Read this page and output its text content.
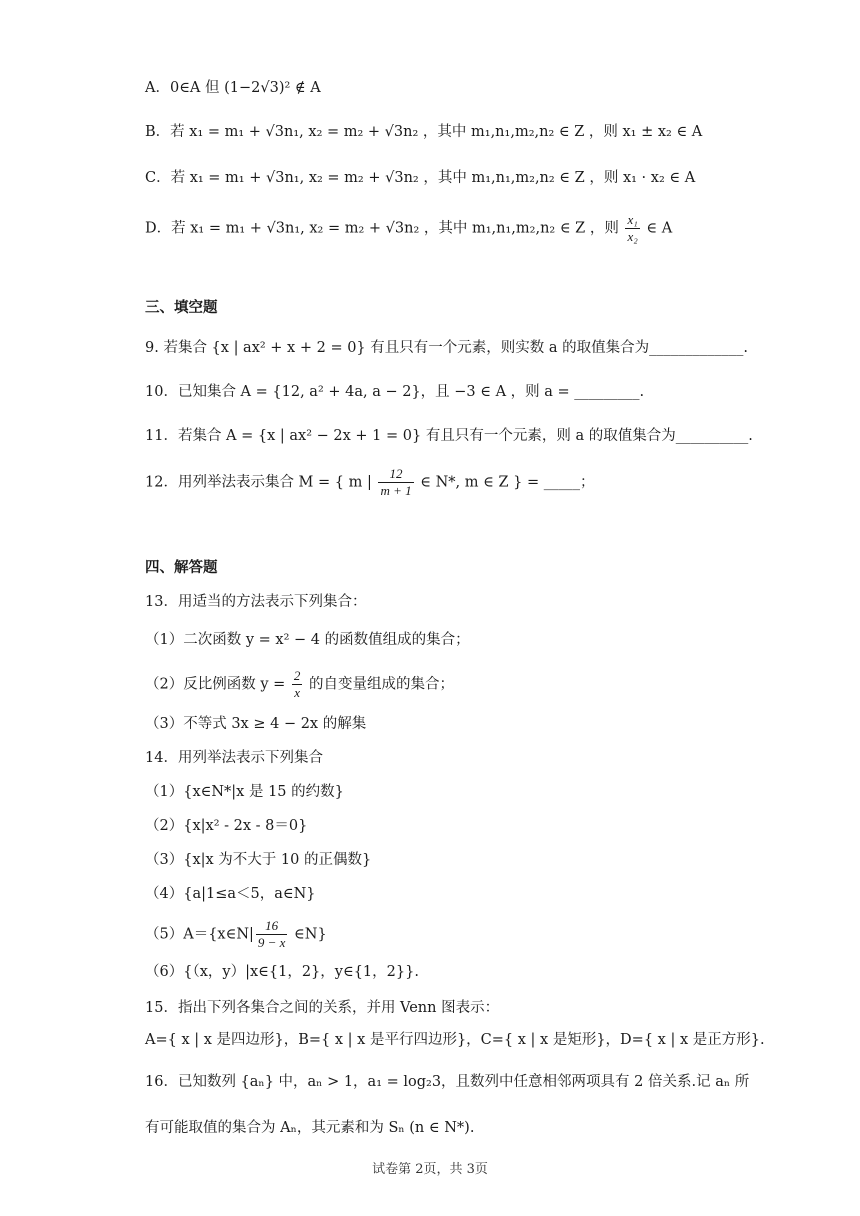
A．0∈A 但 (1−2√3)² ∉ A
B．若 x₁ = m₁ + √3n₁, x₂ = m₂ + √3n₂ ，其中 m₁,n₁,m₂,n₂ ∈ Z ，则 x₁ ± x₂ ∈ A
C．若 x₁ = m₁ + √3n₁, x₂ = m₂ + √3n₂ ，其中 m₁,n₁,m₂,n₂ ∈ Z ，则 x₁ · x₂ ∈ A
D．若 x₁ = m₁ + √3n₁, x₂ = m₂ + √3n₂ ，其中 m₁,n₁,m₂,n₂ ∈ Z ，则 $\frac{\text{x₁}}{\text{x₂}}$ ∈ A
三、填空题
9. 若集合 {x | ax² + x + 2 = 0} 有且只有一个元素，则实数 a 的取值集合为_____________.
10．已知集合 A = {12, a² + 4a, a − 2}，且 −3 ∈ A ，则 a = _________.
11．若集合 A = {x | ax² − 2x + 1 = 0} 有且只有一个元素，则 a 的取值集合为__________.
12．用列举法表示集合 M = { m | $\frac{12}{m + 1}$ ∈ N*, m ∈ Z } = _____；
四、解答题
13．用适当的方法表示下列集合：
（1）二次函数 y = x² − 4 的函数值组成的集合；
（2）反比例函数 $y = \frac{2}{x}$ 的自变量组成的集合；
（3）不等式 3x ≥ 4 − 2x 的解集
14．用列举法表示下列集合
（1）{x∈N*|x 是 15 的约数}
（2）{x|x² ‐ 2x ‐ 8＝0}
（3）{x|x 为不大于 10 的正偶数}
（4）{a|1≤a＜5，a∈N}
（5）A＝{x∈N| $\frac{16}{9 - x}$ ∈N}
（6）{（x，y）|x∈{1，2}，y∈{1，2}}.
15．指出下列各集合之间的关系，并用 Venn 图表示：
A={ x | x 是四边形}，B={ x | x 是平行四边形}，C={ x | x 是矩形}，D={ x | x 是正方形}.
16．已知数列 {aₙ} 中，aₙ > 1，a₁ = log₂3，且数列中任意相邻两项具有 2 倍关系.记 aₙ 所
有可能取值的集合为 Aₙ，其元素和为 Sₙ (n ∈ N*).
试卷第 2页，共 3页
